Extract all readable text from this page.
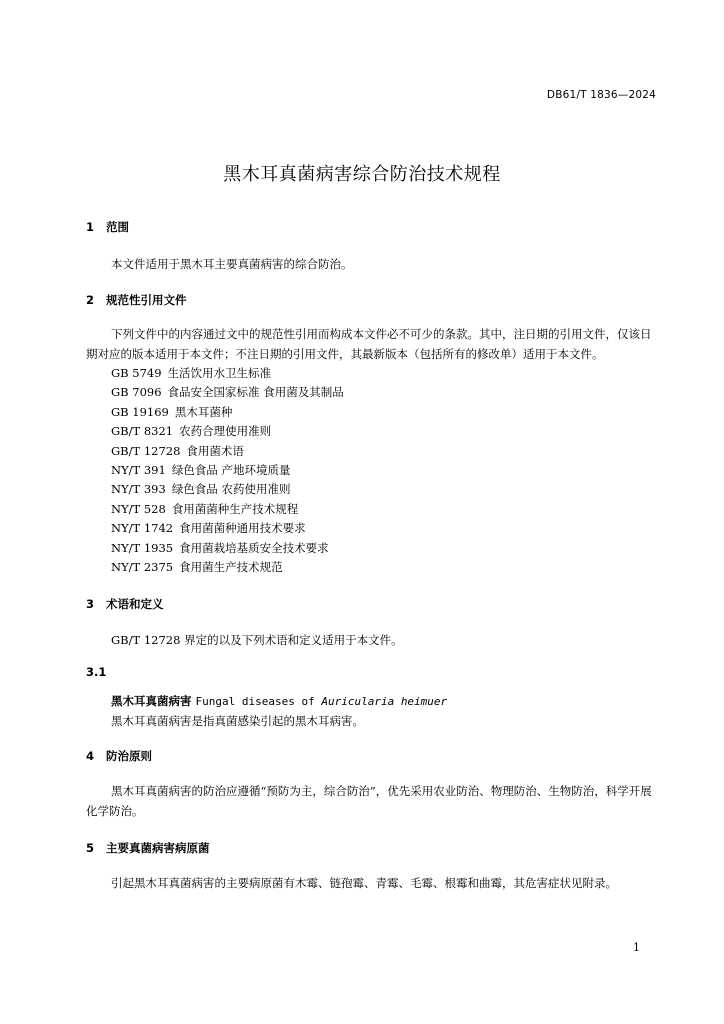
DB61/T 1836—2024
黑木耳真菌病害综合防治技术规程
1 范围
本文件适用于黑木耳主要真菌病害的综合防治。
2 规范性引用文件
下列文件中的内容通过文中的规范性引用而构成本文件必不可少的条款。其中，注日期的引用文件，仅该日期对应的版本适用于本文件；不注日期的引用文件，其最新版本（包括所有的修改单）适用于本文件。
GB 5749 生活饮用水卫生标准
GB 7096 食品安全国家标准 食用菌及其制品
GB 19169 黑木耳菌种
GB/T 8321 农药合理使用准则
GB/T 12728 食用菌术语
NY/T 391 绿色食品 产地环境质量
NY/T 393 绿色食品 农药使用准则
NY/T 528 食用菌菌种生产技术规程
NY/T 1742 食用菌菌种通用技术要求
NY/T 1935 食用菌栽培基质安全技术要求
NY/T 2375 食用菌生产技术规范
3 术语和定义
GB/T 12728 界定的以及下列术语和定义适用于本文件。
3.1
黑木耳真菌病害 Fungal diseases of Auricularia heimuer
黑木耳真菌病害是指真菌感染引起的黑木耳病害。
4 防治原则
黑木耳真菌病害的防治应遵循“预防为主，综合防治”，优先采用农业防治、物理防治、生物防治，科学开展化学防治。
5 主要真菌病害病原菌
引起黑木耳真菌病害的主要病原菌有木霉、链孢霉、青霉、毛霉、根霉和曲霉，其危害症状见附录。
1
